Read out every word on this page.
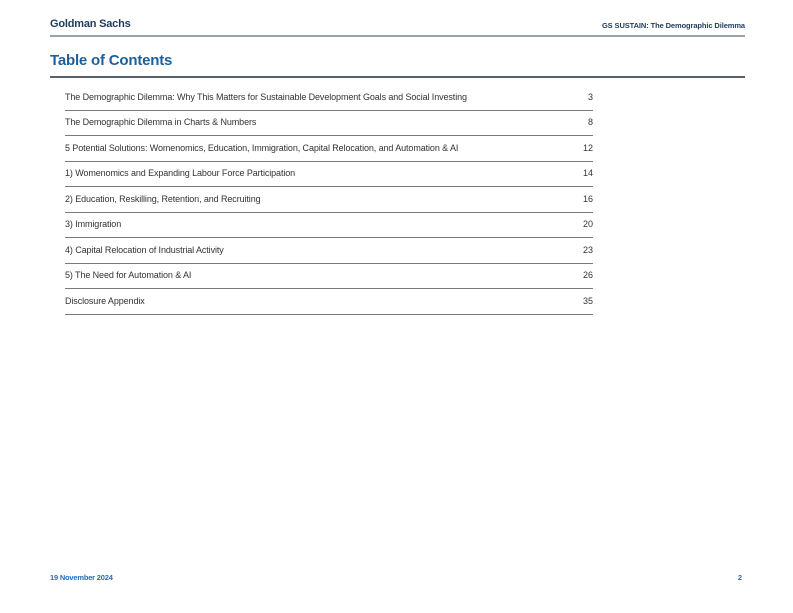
Goldman Sachs	GS SUSTAIN: The Demographic Dilemma
Table of Contents
The Demographic Dilemma: Why This Matters for Sustainable Development Goals and Social Investing	3
The Demographic Dilemma in Charts & Numbers	8
5 Potential Solutions: Womenomics, Education, Immigration, Capital Relocation, and Automation & AI	12
1) Womenomics and Expanding Labour Force Participation	14
2) Education, Reskilling, Retention, and Recruiting	16
3) Immigration	20
4) Capital Relocation of Industrial Activity	23
5) The Need for Automation & AI	26
Disclosure Appendix	35
19 November 2024	2
